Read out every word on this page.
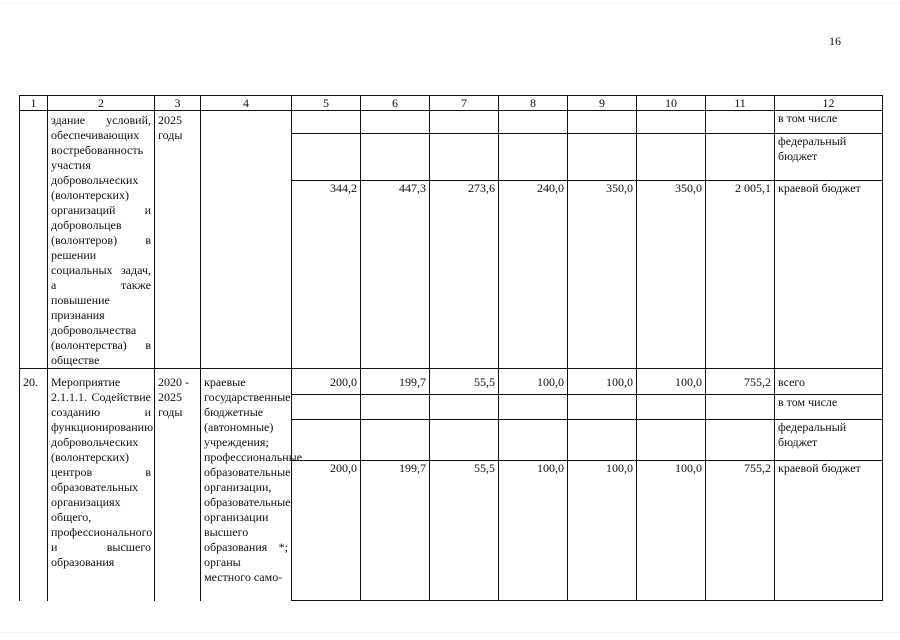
16
1	2	3	4	5	6	7	8	9	10	11	12
	здание условий, обеспечивающих востребованность участия добровольческих (волонтерских) организаций и добровольцев (волонтеров) в решении социальных задач, а также повышение признания добровольчества (волонтерства) в обществе	2025 годы									в том числе
											федеральный бюджет
				344,2	447,3	273,6	240,0	350,0	350,0	2 005,1	краевой бюджет
20.	Мероприятие 2.1.1.1. Содействие созданию и функционированию добровольческих (волонтерских) центров в образовательных организациях общего, профессионального и высшего образования	2020 - 2025 годы	краевые государственные бюджетные (автономные) учреждения; профессиональные образовательные организации, образовательные организации высшего образования *; органы местного само-	200,0	199,7	55,5	100,0	100,0	100,0	755,2	всего
											в том числе
											федеральный бюджет
				200,0	199,7	55,5	100,0	100,0	100,0	755,2	краевой бюджет
